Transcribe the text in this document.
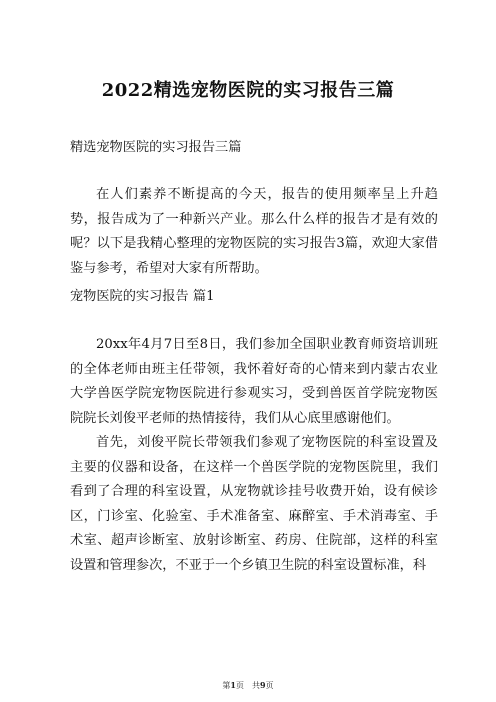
2022精选宠物医院的实习报告三篇

精选宠物医院的实习报告三篇

在人们素养不断提高的今天，报告的使用频率呈上升趋势，报告成为了一种新兴产业。那么什么样的报告才是有效的呢？以下是我精心整理的宠物医院的实习报告3篇，欢迎大家借鉴与参考，希望对大家有所帮助。

宠物医院的实习报告 篇1

20xx年4月7日至8日，我们参加全国职业教育师资培训班的全体老师由班主任带领，我怀着好奇的心情来到内蒙古农业大学兽医学院宠物医院进行参观实习，受到兽医首学院宠物医院院长刘俊平老师的热情接待，我们从心底里感谢他们。

首先，刘俊平院长带领我们参观了宠物医院的科室设置及主要的仪器和设备，在这样一个兽医学院的宠物医院里，我们看到了合理的科室设置，从宠物就诊挂号收费开始，设有候诊区，门诊室、化验室、手术准备室、麻醉室、手术消毒室、手术室、超声诊断室、放射诊断室、药房、住院部，这样的科室设置和管理参次，不亚于一个乡镇卫生院的科室设置标准，科

第1页　共9页
